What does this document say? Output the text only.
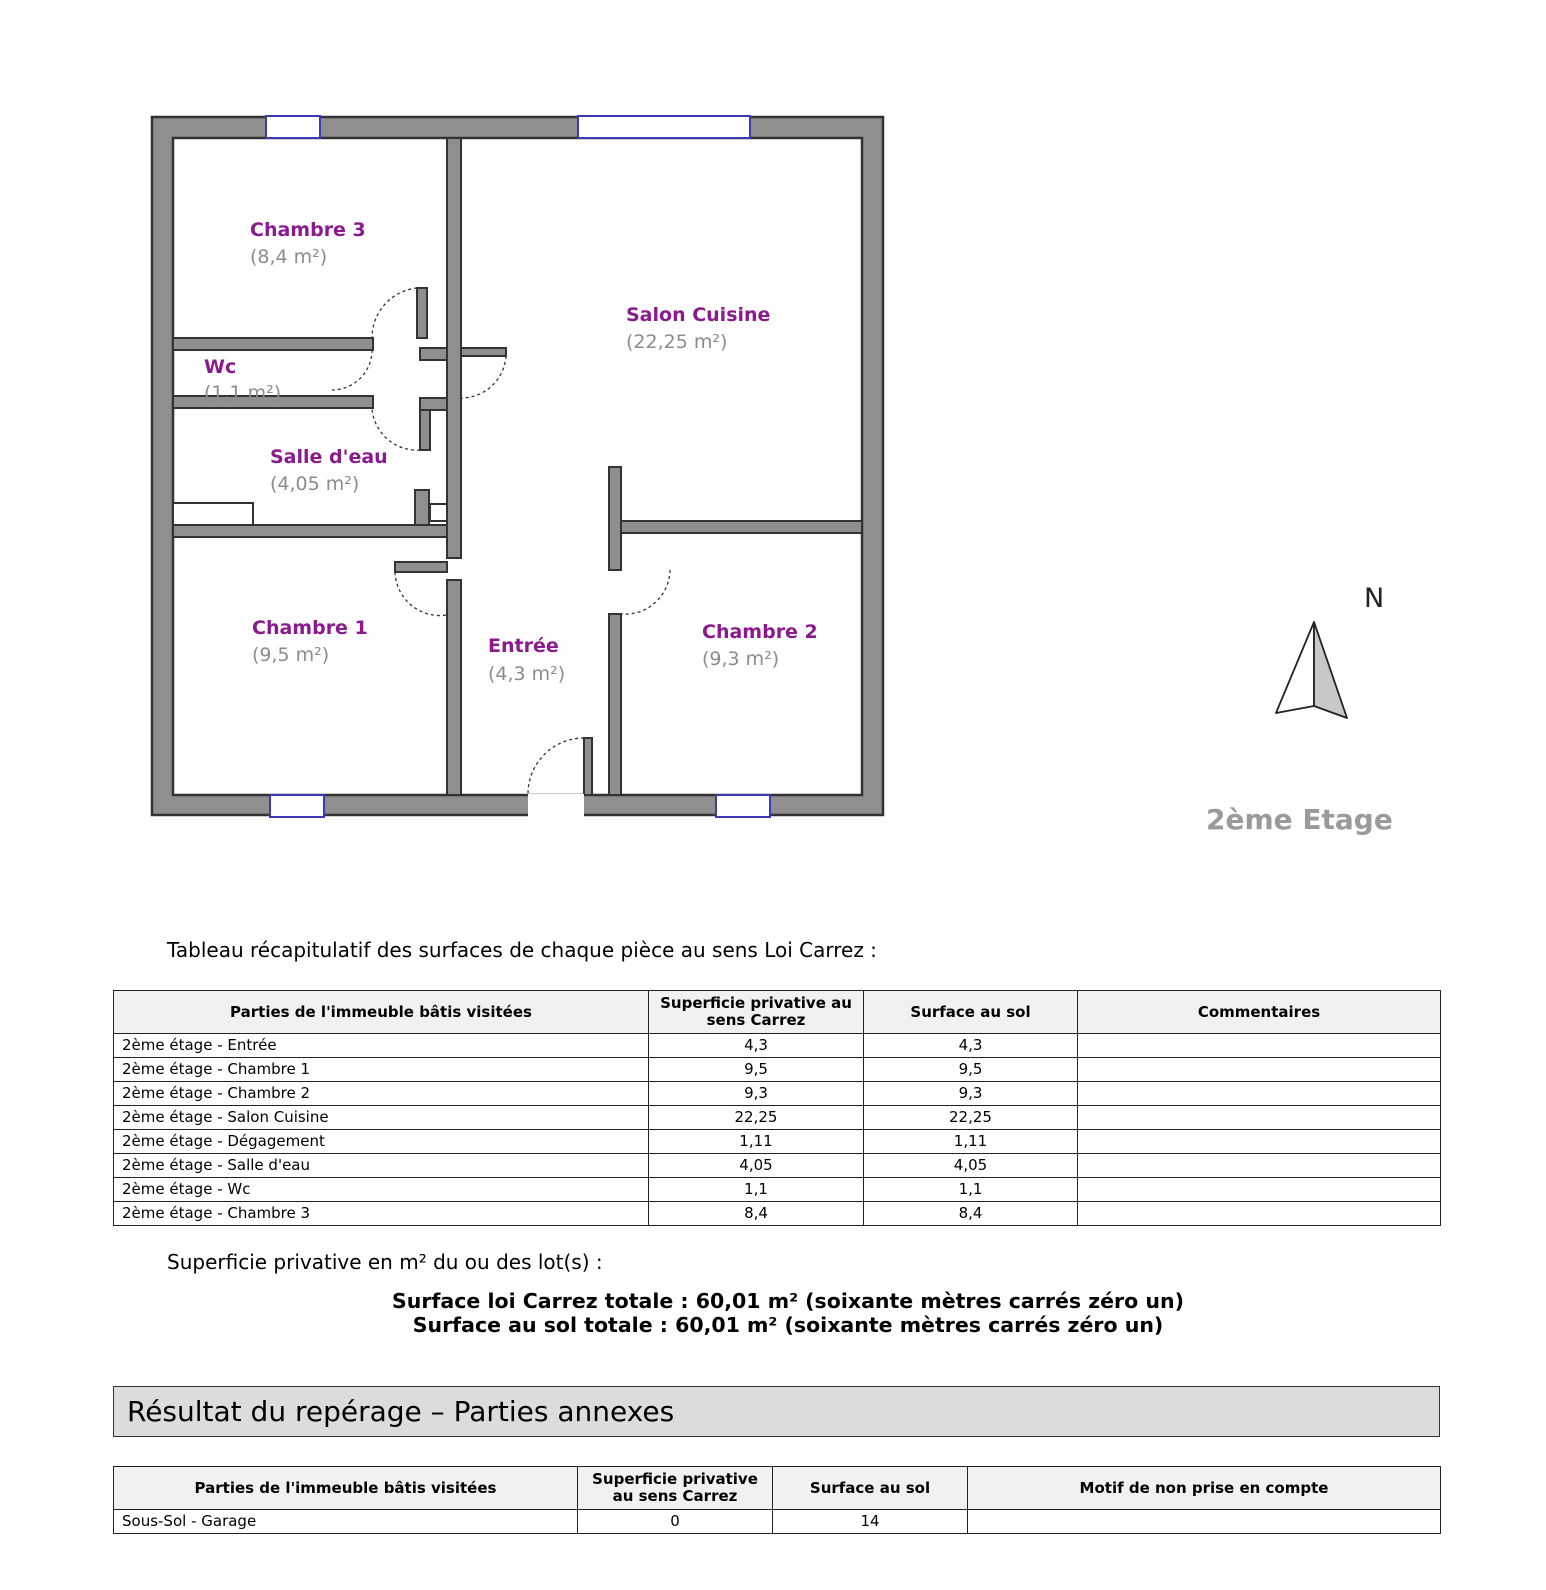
Chambre 3
(8,4 m²)
Salon Cuisine
(22,25 m²)
Wc
(1,1 m²)
Salle d'eau
(4,05 m²)
Chambre 1
(9,5 m²)	Entrée
(4,3 m²)
Chambre 2
(9,3 m²)
N
2ème Etage
Tableau récapitulatif des surfaces de chaque pièce au sens Loi Carrez :
Parties de l'immeuble bâtis visitées	Superficie privative au sens Carrez	Surface au sol	Commentaires
2ème étage - Entrée	4,3	4,3	
2ème étage - Chambre 1	9,5	9,5	
2ème étage - Chambre 2	9,3	9,3	
2ème étage - Salon Cuisine	22,25	22,25	
2ème étage - Dégagement	1,11	1,11	
2ème étage - Salle d'eau	4,05	4,05	
2ème étage - Wc	1,1	1,1	
2ème étage - Chambre 3	8,4	8,4	
Superficie privative en m² du ou des lot(s) :
Surface loi Carrez totale : 60,01 m² (soixante mètres carrés zéro un)
Surface au sol totale : 60,01 m² (soixante mètres carrés zéro un)
Résultat du repérage – Parties annexes
Parties de l'immeuble bâtis visitées	Superficie privative au sens Carrez	Surface au sol	Motif de non prise en compte
Sous-Sol - Garage	0	14	
